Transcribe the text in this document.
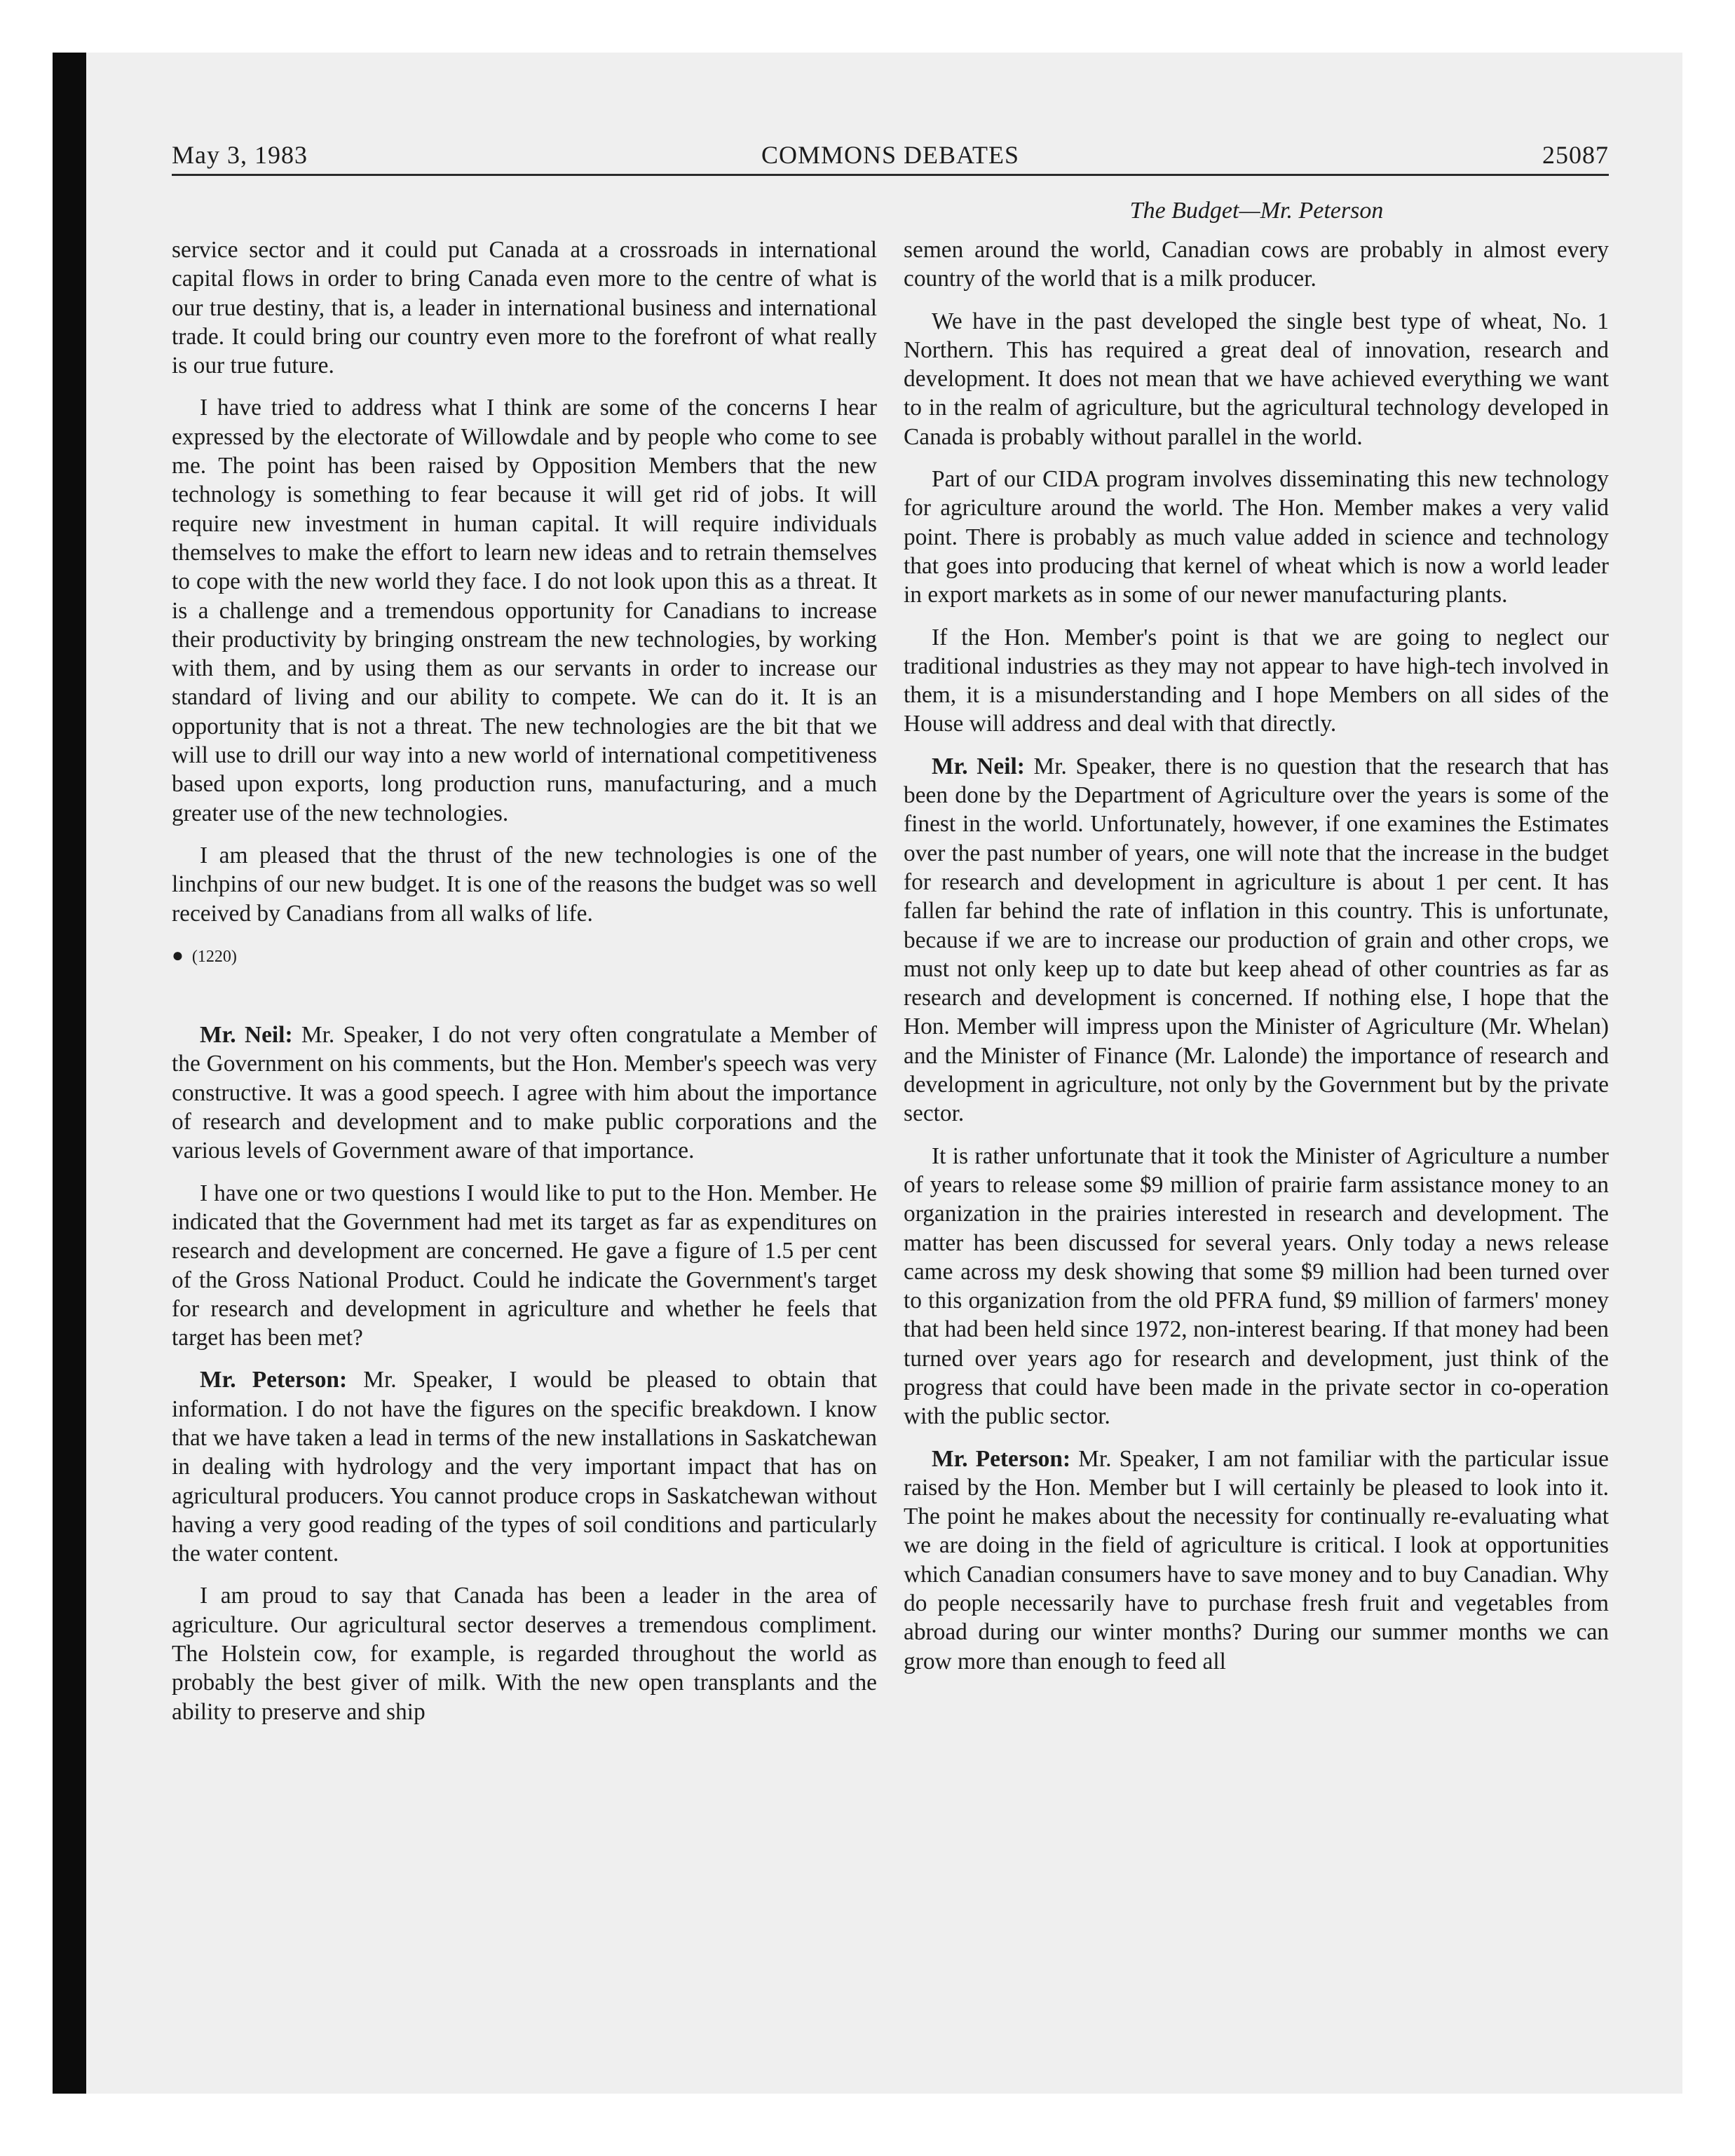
May 3, 1983	COMMONS DEBATES	25087
The Budget—Mr. Peterson

service sector and it could put Canada at a crossroads in international capital flows in order to bring Canada even more to the centre of what is our true destiny, that is, a leader in international business and international trade. It could bring our country even more to the forefront of what really is our true future.

I have tried to address what I think are some of the concerns I hear expressed by the electorate of Willowdale and by people who come to see me. The point has been raised by Opposition Members that the new technology is something to fear because it will get rid of jobs. It will require new investment in human capital. It will require individuals themselves to make the effort to learn new ideas and to retrain themselves to cope with the new world they face. I do not look upon this as a threat. It is a challenge and a tremendous opportunity for Canadians to increase their productivity by bringing onstream the new technologies, by working with them, and by using them as our servants in order to increase our standard of living and our ability to compete. We can do it. It is an opportunity that is not a threat. The new technologies are the bit that we will use to drill our way into a new world of international competitiveness based upon exports, long production runs, manufacturing, and a much greater use of the new technologies.

I am pleased that the thrust of the new technologies is one of the linchpins of our new budget. It is one of the reasons the budget was so well received by Canadians from all walks of life.

● (1220)

Mr. Neil: Mr. Speaker, I do not very often congratulate a Member of the Government on his comments, but the Hon. Member's speech was very constructive. It was a good speech. I agree with him about the importance of research and development and to make public corporations and the various levels of Government aware of that importance.

I have one or two questions I would like to put to the Hon. Member. He indicated that the Government had met its target as far as expenditures on research and development are concerned. He gave a figure of 1.5 per cent of the Gross National Product. Could he indicate the Government's target for research and development in agriculture and whether he feels that target has been met?

Mr. Peterson: Mr. Speaker, I would be pleased to obtain that information. I do not have the figures on the specific breakdown. I know that we have taken a lead in terms of the new installations in Saskatchewan in dealing with hydrology and the very important impact that has on agricultural producers. You cannot produce crops in Saskatchewan without having a very good reading of the types of soil conditions and particularly the water content.

I am proud to say that Canada has been a leader in the area of agriculture. Our agricultural sector deserves a tremendous compliment. The Holstein cow, for example, is regarded throughout the world as probably the best giver of milk. With the new open transplants and the ability to preserve and ship

semen around the world, Canadian cows are probably in almost every country of the world that is a milk producer.

We have in the past developed the single best type of wheat, No. 1 Northern. This has required a great deal of innovation, research and development. It does not mean that we have achieved everything we want to in the realm of agriculture, but the agricultural technology developed in Canada is probably without parallel in the world.

Part of our CIDA program involves disseminating this new technology for agriculture around the world. The Hon. Member makes a very valid point. There is probably as much value added in science and technology that goes into producing that kernel of wheat which is now a world leader in export markets as in some of our newer manufacturing plants.

If the Hon. Member's point is that we are going to neglect our traditional industries as they may not appear to have high-tech involved in them, it is a misunderstanding and I hope Members on all sides of the House will address and deal with that directly.

Mr. Neil: Mr. Speaker, there is no question that the research that has been done by the Department of Agriculture over the years is some of the finest in the world. Unfortunately, however, if one examines the Estimates over the past number of years, one will note that the increase in the budget for research and development in agriculture is about 1 per cent. It has fallen far behind the rate of inflation in this country. This is unfortunate, because if we are to increase our production of grain and other crops, we must not only keep up to date but keep ahead of other countries as far as research and development is concerned. If nothing else, I hope that the Hon. Member will impress upon the Minister of Agriculture (Mr. Whelan) and the Minister of Finance (Mr. Lalonde) the importance of research and development in agriculture, not only by the Government but by the private sector.

It is rather unfortunate that it took the Minister of Agriculture a number of years to release some $9 million of prairie farm assistance money to an organization in the prairies interested in research and development. The matter has been discussed for several years. Only today a news release came across my desk showing that some $9 million had been turned over to this organization from the old PFRA fund, $9 million of farmers' money that had been held since 1972, non-interest bearing. If that money had been turned over years ago for research and development, just think of the progress that could have been made in the private sector in co-operation with the public sector.

Mr. Peterson: Mr. Speaker, I am not familiar with the particular issue raised by the Hon. Member but I will certainly be pleased to look into it. The point he makes about the necessity for continually re-evaluating what we are doing in the field of agriculture is critical. I look at opportunities which Canadian consumers have to save money and to buy Canadian. Why do people necessarily have to purchase fresh fruit and vegetables from abroad during our winter months? During our summer months we can grow more than enough to feed all
